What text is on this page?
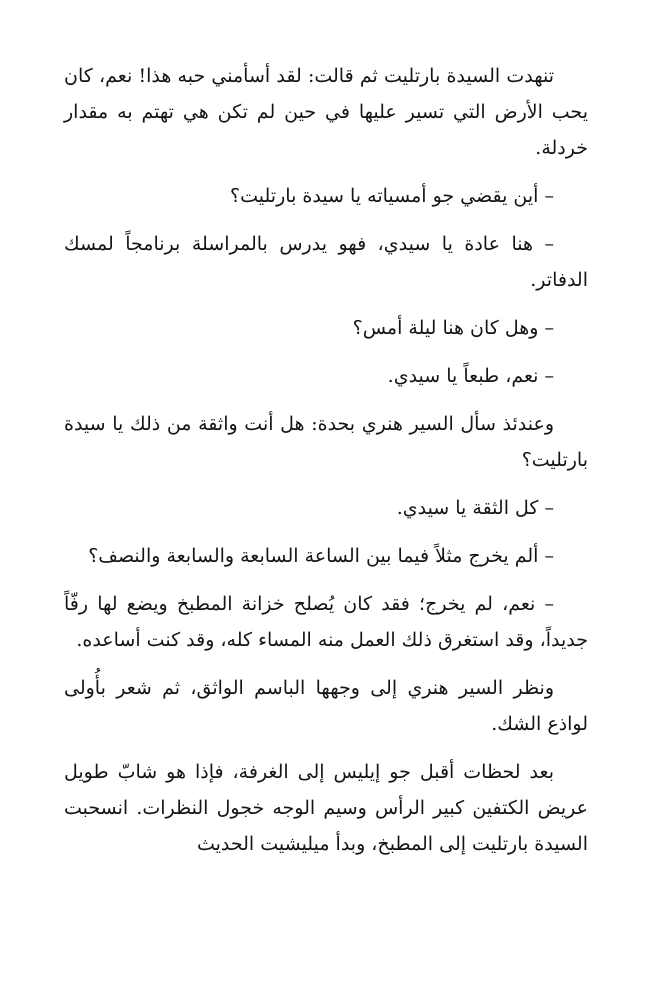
تنهدت السيدة بارتليت ثم قالت: لقد أسأمني حبه هذا! نعم، كان يحب الأرض التي تسير عليها في حين لم تكن هي تهتم به مقدار خردلة.

– أين يقضي جو أمسياته يا سيدة بارتليت؟

– هنا عادة يا سيدي، فهو يدرس بالمراسلة برنامجاً لمسك الدفاتر.

– وهل كان هنا ليلة أمس؟

– نعم، طبعاً يا سيدي.

وعندئذ سأل السير هنري بحدة: هل أنت واثقة من ذلك يا سيدة بارتليت؟

– كل الثقة يا سيدي.

– ألم يخرج مثلاً فيما بين الساعة السابعة والسابعة والنصف؟

– نعم، لم يخرج؛ فقد كان يُصلح خزانة المطبخ ويضع لها رفّاً جديداً، وقد استغرق ذلك العمل منه المساء كله، وقد كنت أساعده.

ونظر السير هنري إلى وجهها الباسم الواثق، ثم شعر بأُولى لواذع الشك.

بعد لحظات أقبل جو إيليس إلى الغرفة، فإذا هو شابّ طويل عريض الكتفين كبير الرأس وسيم الوجه خجول النظرات. انسحبت السيدة بارتليت إلى المطبخ، وبدأ ميليشيت الحديث
